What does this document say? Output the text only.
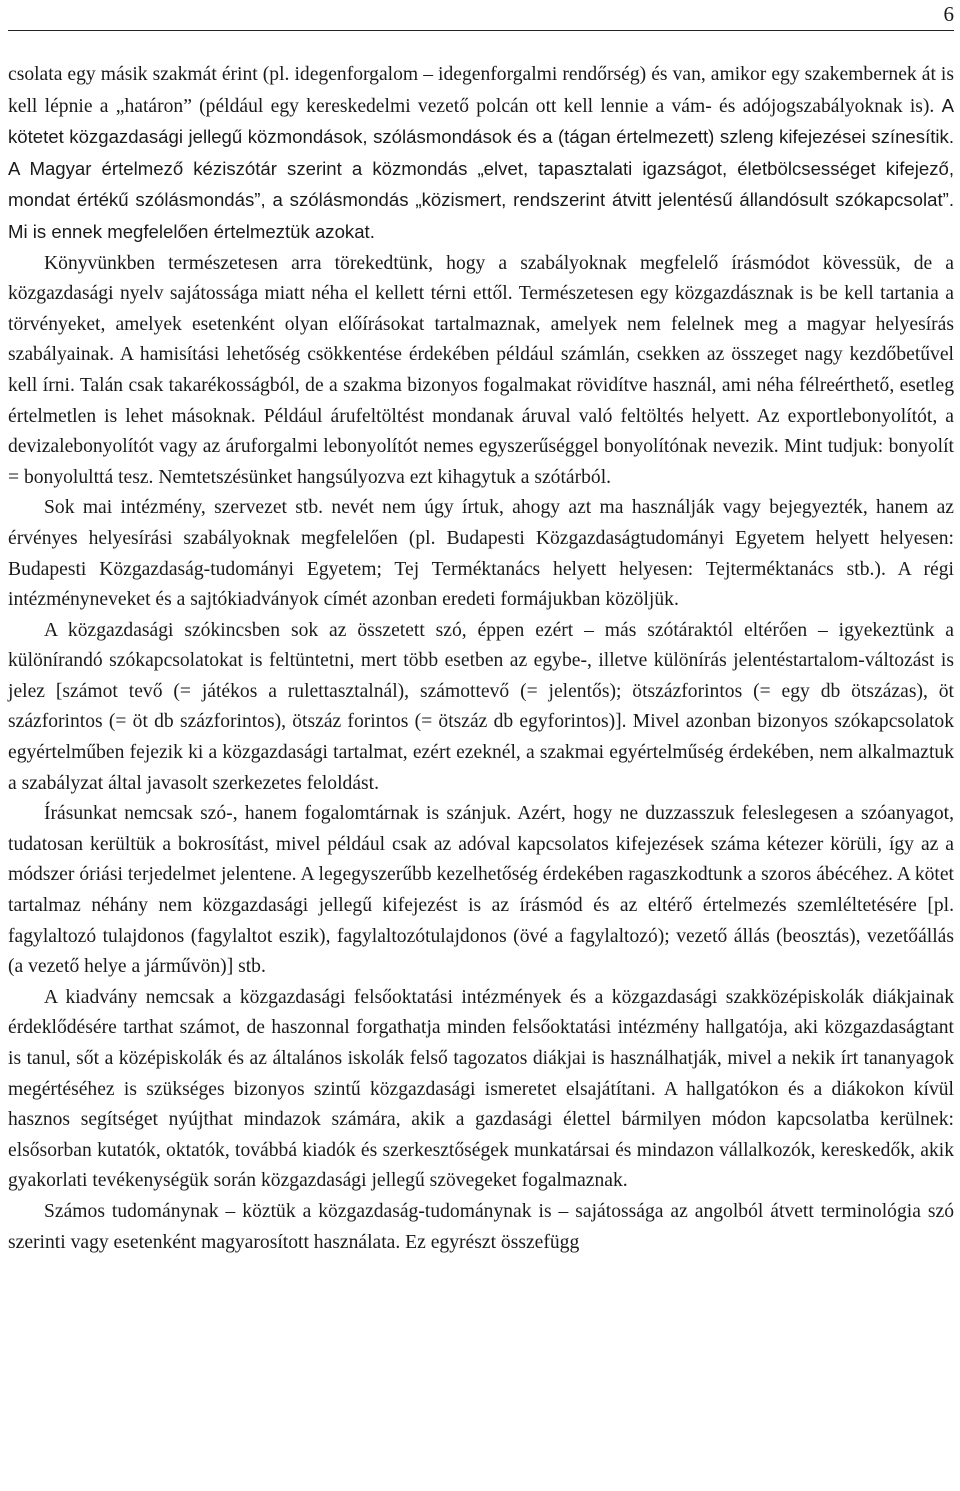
6

csolata egy másik szakmát érint (pl. idegenforgalom – idegenforgalmi rendőrség) és van, amikor egy szakembernek át is kell lépnie a „határon” (például egy kereskedelmi vezető polcán ott kell lennie a vám- és adójogszabályoknak is). A kötetet közgazdasági jellegű közmondások, szólásmondások és a (tágan értelmezett) szleng kifejezései színesítik. A Magyar értelmező kéziszótár szerint a közmondás „elvet, tapasztalati igazságot, életbölcsességet kifejező, mondat értékű szólásmondás”, a szólásmondás „közismert, rendszerint átvitt jelentésű állandósult szókapcsolat”. Mi is ennek megfelelően értelmeztük azokat.

Könyvünkben természetesen arra törekedtünk, hogy a szabályoknak megfelelő írásmódot kövessük, de a közgazdasági nyelv sajátossága miatt néha el kellett térni ettől. Természetesen egy közgazdásznak is be kell tartania a törvényeket, amelyek esetenként olyan előírásokat tartalmaznak, amelyek nem felelnek meg a magyar helyesírás szabályainak. A hamisítási lehetőség csökkentése érdekében például számlán, csekken az összeget nagy kezdőbetűvel kell írni. Talán csak takarékosságból, de a szakma bizonyos fogalmakat rövidítve használ, ami néha félreérthető, esetleg értelmetlen is lehet másoknak. Például árufeltöltést mondanak áruval való feltöltés helyett. Az exportlebonyolítót, a devizalebonyolítót vagy az áruforgalmi lebonyolítót nemes egyszerűséggel bonyolítónak nevezik. Mint tudjuk: bonyolít = bonyolulttá tesz. Nemtetszésünket hangsúlyozva ezt kihagytuk a szótárból.

Sok mai intézmény, szervezet stb. nevét nem úgy írtuk, ahogy azt ma használják vagy bejegyezték, hanem az érvényes helyesírási szabályoknak megfelelően (pl. Budapesti Közgazdaságtudományi Egyetem helyett helyesen: Budapesti Közgazdaság-tudományi Egyetem; Tej Terméktanács helyett helyesen: Tejterméktanács stb.). A régi intézményneveket és a sajtókiadványok címét azonban eredeti formájukban közöljük.

A közgazdasági szókincsben sok az összetett szó, éppen ezért – más szótáraktól eltérően – igyekeztünk a különírandó szókapcsolatokat is feltüntetni, mert több esetben az egybe-, illetve különírás jelentéstartalom-változást is jelez [számot tevő (= játékos a rulettasztalnál), számottevő (= jelentős); ötszázforintos (= egy db ötszázas), öt százforintos (= öt db százforintos), ötszáz forintos (= ötszáz db egyforintos)]. Mivel azonban bizonyos szókapcsolatok egyértelműben fejezik ki a közgazdasági tartalmat, ezért ezeknél, a szakmai egyértelműség érdekében, nem alkalmaztuk a szabályzat által javasolt szerkezetes feloldást.

Írásunkat nemcsak szó-, hanem fogalomtárnak is szánjuk. Azért, hogy ne duzzasszuk feleslegesen a szóanyagot, tudatosan kerültük a bokrosítást, mivel például csak az adóval kapcsolatos kifejezések száma kétezer körüli, így az a módszer óriási terjedelmet jelentene. A legegyszerűbb kezelhetőség érdekében ragaszkodtunk a szoros ábécéhez. A kötet tartalmaz néhány nem közgazdasági jellegű kifejezést is az írásmód és az eltérő értelmezés szemléltetésére [pl. fagylaltozó tulajdonos (fagylaltot eszik), fagylaltozótulajdonos (övé a fagylaltozó); vezető állás (beosztás), vezetőállás (a vezető helye a járművön)] stb.

A kiadvány nemcsak a közgazdasági felsőoktatási intézmények és a közgazdasági szakközépiskolák diákjainak érdeklődésére tarthat számot, de haszonnal forgathatja minden felsőoktatási intézmény hallgatója, aki közgazdaságtant is tanul, sőt a középiskolák és az általános iskolák felső tagozatos diákjai is használhatják, mivel a nekik írt tananyagok megértéséhez is szükséges bizonyos szintű közgazdasági ismeretet elsajátítani. A hallgatókon és a diákokon kívül hasznos segítséget nyújthat mindazok számára, akik a gazdasági élettel bármilyen módon kapcsolatba kerülnek: elsősorban kutatók, oktatók, továbbá kiadók és szerkesztőségek munkatársai és mindazon vállalkozók, kereskedők, akik gyakorlati tevékenységük során közgazdasági jellegű szövegeket fogalmaznak.

Számos tudománynak – köztük a közgazdaság-tudománynak is – sajátossága az angolból átvett terminológia szó szerinti vagy esetenként magyarosított használata. Ez egyrészt összefügg
